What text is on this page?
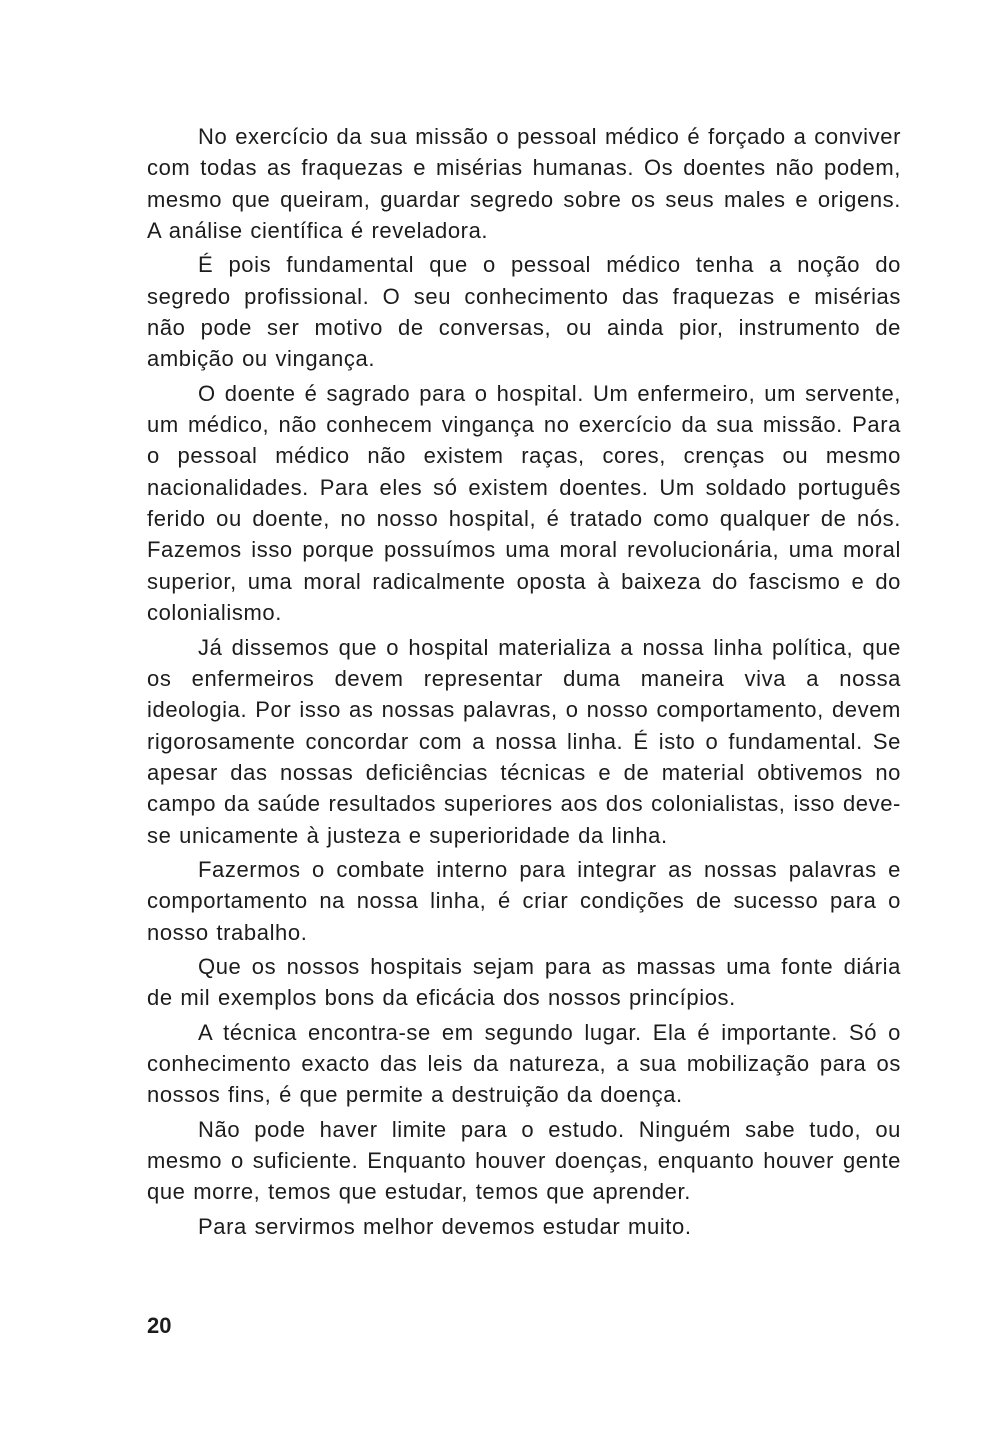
No exercício da sua missão o pessoal médico é forçado a conviver com todas as fraquezas e misérias humanas. Os doentes não podem, mesmo que queiram, guardar segredo sobre os seus males e origens. A análise científica é reveladora.

É pois fundamental que o pessoal médico tenha a noção do segredo profissional. O seu conhecimento das fraquezas e misérias não pode ser motivo de conversas, ou ainda pior, instrumento de ambição ou vingança.

O doente é sagrado para o hospital. Um enfermeiro, um servente, um médico, não conhecem vingança no exercício da sua missão. Para o pessoal médico não existem raças, cores, crenças ou mesmo nacionalidades. Para eles só existem doentes. Um soldado português ferido ou doente, no nosso hospital, é tratado como qualquer de nós. Fazemos isso porque possuímos uma moral revolucionária, uma moral superior, uma moral radicalmente oposta à baixeza do fascismo e do colonialismo.

Já dissemos que o hospital materializa a nossa linha política, que os enfermeiros devem representar duma maneira viva a nossa ideologia. Por isso as nossas palavras, o nosso comportamento, devem rigorosamente concordar com a nossa linha. É isto o fundamental. Se apesar das nossas deficiências técnicas e de material obtivemos no campo da saúde resultados superiores aos dos colonialistas, isso deve-se unicamente à justeza e superioridade da linha.

Fazermos o combate interno para integrar as nossas palavras e comportamento na nossa linha, é criar condições de sucesso para o nosso trabalho.

Que os nossos hospitais sejam para as massas uma fonte diária de mil exemplos bons da eficácia dos nossos princípios.

A técnica encontra-se em segundo lugar. Ela é importante. Só o conhecimento exacto das leis da natureza, a sua mobilização para os nossos fins, é que permite a destruição da doença.

Não pode haver limite para o estudo. Ninguém sabe tudo, ou mesmo o suficiente. Enquanto houver doenças, enquanto houver gente que morre, temos que estudar, temos que aprender.

Para servirmos melhor devemos estudar muito.

20
